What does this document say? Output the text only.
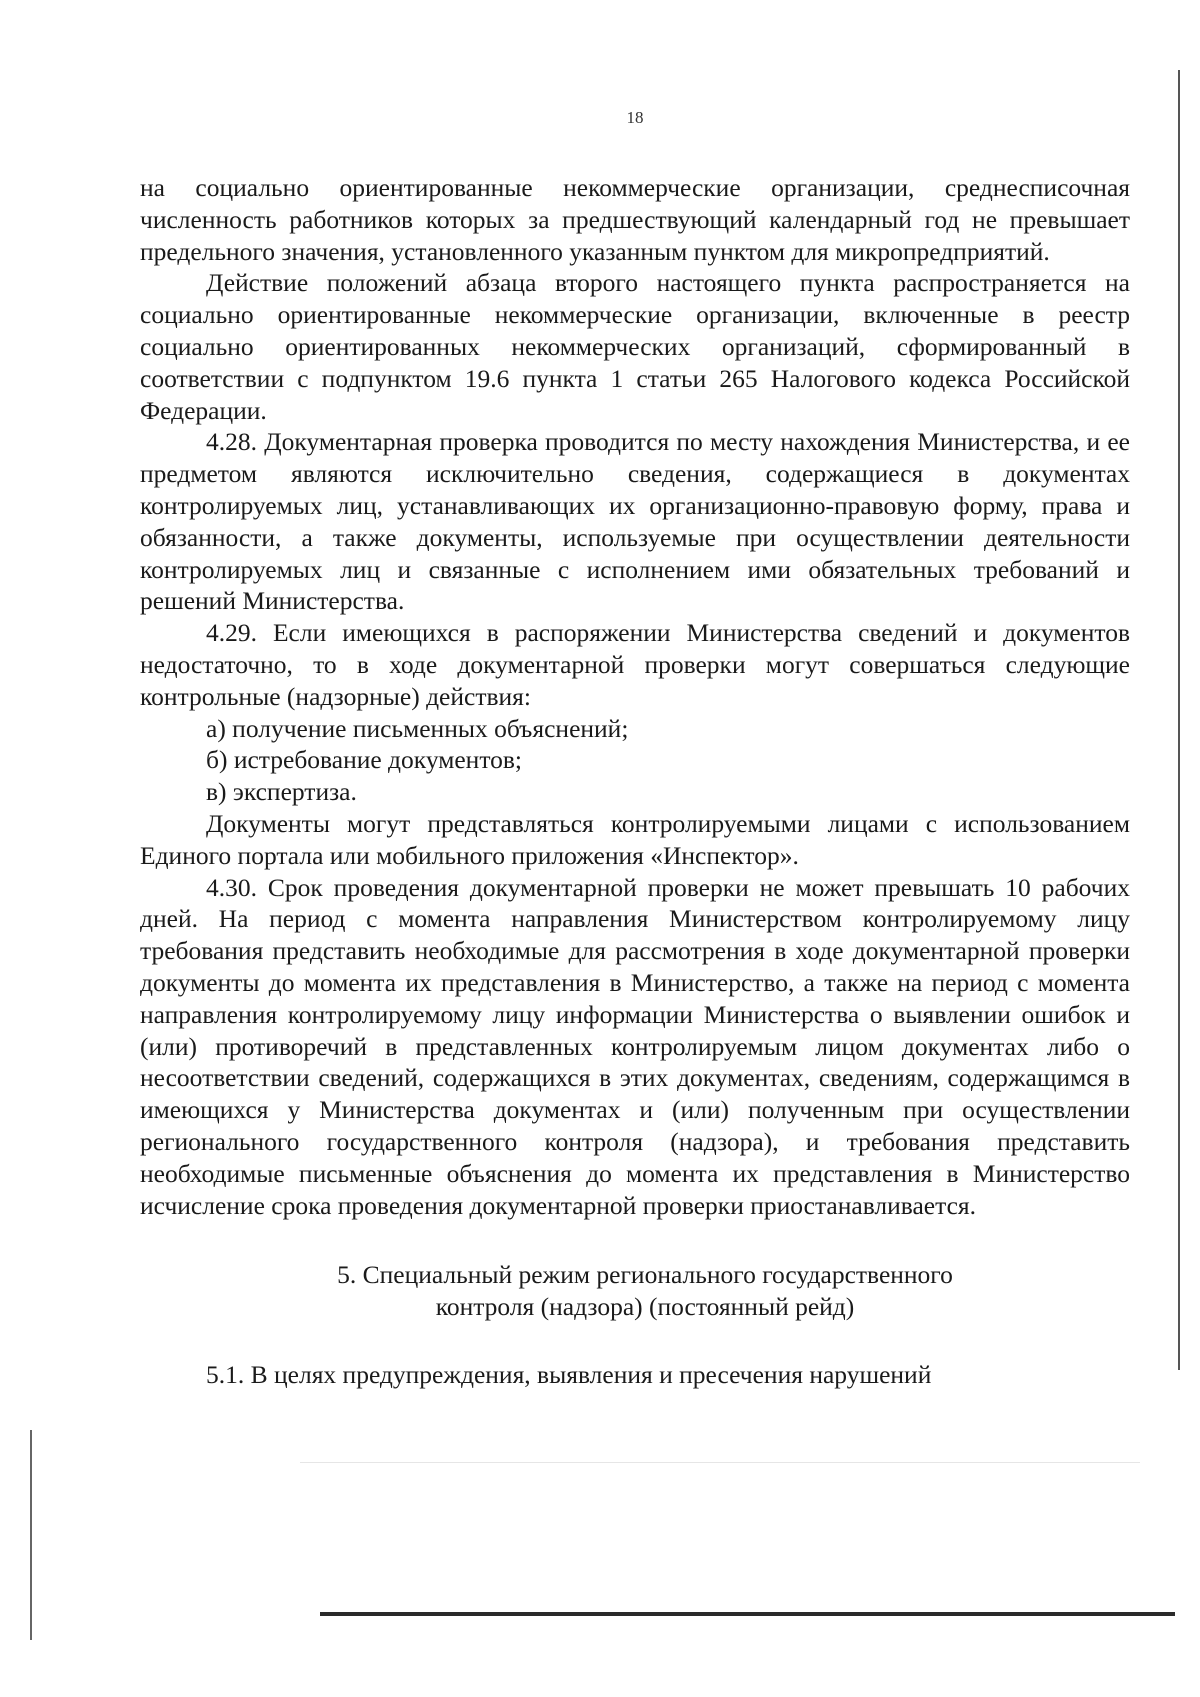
18

на социально ориентированные некоммерческие организации, среднесписочная численность работников которых за предшествующий календарный год не превышает предельного значения, установленного указанным пунктом для микропредприятий.

Действие положений абзаца второго настоящего пункта распространяется на социально ориентированные некоммерческие организации, включенные в реестр социально ориентированных некоммерческих организаций, сформированный в соответствии с подпунктом 19.6 пункта 1 статьи 265 Налогового кодекса Российской Федерации.

4.28. Документарная проверка проводится по месту нахождения Министерства, и ее предметом являются исключительно сведения, содержащиеся в документах контролируемых лиц, устанавливающих их организационно-правовую форму, права и обязанности, а также документы, используемые при осуществлении деятельности контролируемых лиц и связанные с исполнением ими обязательных требований и решений Министерства.

4.29. Если имеющихся в распоряжении Министерства сведений и документов недостаточно, то в ходе документарной проверки могут совершаться следующие контрольные (надзорные) действия:

а) получение письменных объяснений;

б) истребование документов;

в) экспертиза.

Документы могут представляться контролируемыми лицами с использованием Единого портала или мобильного приложения «Инспектор».

4.30. Срок проведения документарной проверки не может превышать 10 рабочих дней. На период с момента направления Министерством контролируемому лицу требования представить необходимые для рассмотрения в ходе документарной проверки документы до момента их представления в Министерство, а также на период с момента направления контролируемому лицу информации Министерства о выявлении ошибок и (или) противоречий в представленных контролируемым лицом документах либо о несоответствии сведений, содержащихся в этих документах, сведениям, содержащимся в имеющихся у Министерства документах и (или) полученным при осуществлении регионального государственного контроля (надзора), и требования представить необходимые письменные объяснения до момента их представления в Министерство исчисление срока проведения документарной проверки приостанавливается.

5. Специальный режим регионального государственного
контроля (надзора) (постоянный рейд)

5.1. В целях предупреждения, выявления и пресечения нарушений
